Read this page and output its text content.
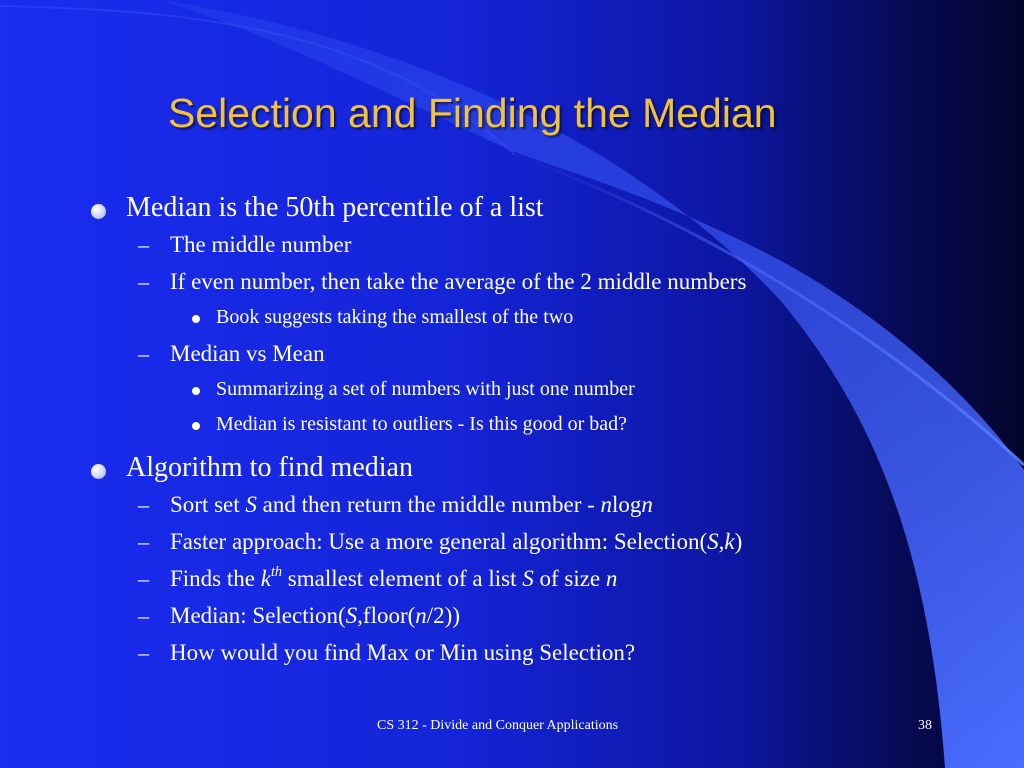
Selection and Finding the Median
Median is the 50th percentile of a list
– The middle number
– If even number, then take the average of the 2 middle numbers
Book suggests taking the smallest of the two
– Median vs Mean
Summarizing a set of numbers with just one number
Median is resistant to outliers - Is this good or bad?
Algorithm to find median
– Sort set S and then return the middle number - nlogn
– Faster approach: Use a more general algorithm: Selection(S,k)
– Finds the $k^{th}$ smallest element of a list S of size n
– Median: Selection(S,floor(n/2))
– How would you find Max or Min using Selection?
CS 312 - Divide and Conquer Applications	38
